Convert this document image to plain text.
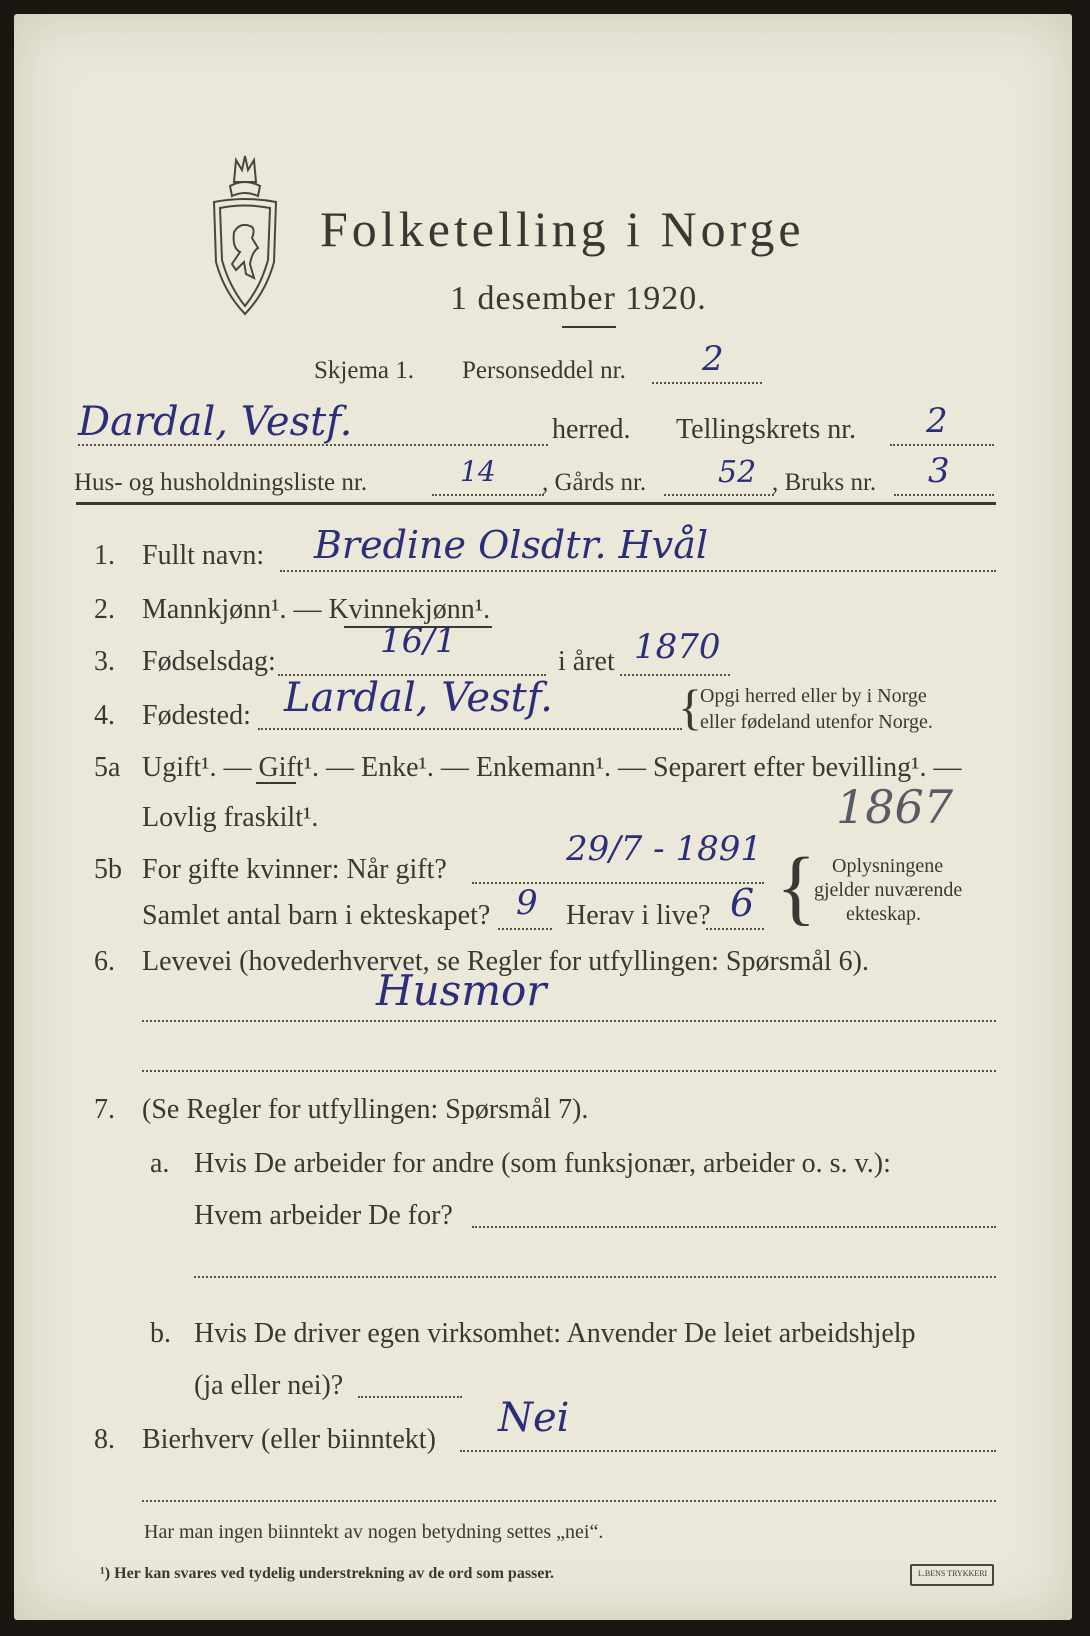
Folketelling i Norge
1 desember 1920.
Skjema 1. Personseddel nr. 2
Dardal, Vestf.	herred. Tellingskrets nr. 2
Hus- og husholdningsliste nr.	14 , Gårds nr. 52 , Bruks nr. 3
1. Fullt navn: Bredine Olsdtr. Hvål
2. Mannkjønn¹. — Kvinnekjønn¹.
3. Fødselsdag:
16/1
i året 1870
4. Fødested: Lardal, Vestf.	{
Opgi herred eller by i Norge
eller fødeland utenfor Norge.
5a Ugift¹. — Gift¹. — Enke¹. — Enkemann¹. — Separert efter bevilling¹. —
Lovlig fraskilt¹.	1867
5b For gifte kvinner: Når gift?
29/7 - 1891
Samlet antal barn i ekteskapet? 9 Herav i live? 6 { Oplysningene
gjelder nuværende
ekteskap.
6. Levevei (hovederhvervet, se Regler for utfyllingen: Spørsmål 6).
Husmor
7. (Se Regler for utfyllingen: Spørsmål 7).
a. Hvis De arbeider for andre (som funksjonær, arbeider o. s. v.):
Hvem arbeider De for?
b. Hvis De driver egen virksomhet: Anvender De leiet arbeidshjelp
(ja eller nei)?
8. Bierhverv (eller biinntekt) Nei
Har man ingen biinntekt av nogen betydning settes „nei“.
¹) Her kan svares ved tydelig understrekning av de ord som passer.	L.BENS TRYKKERI
